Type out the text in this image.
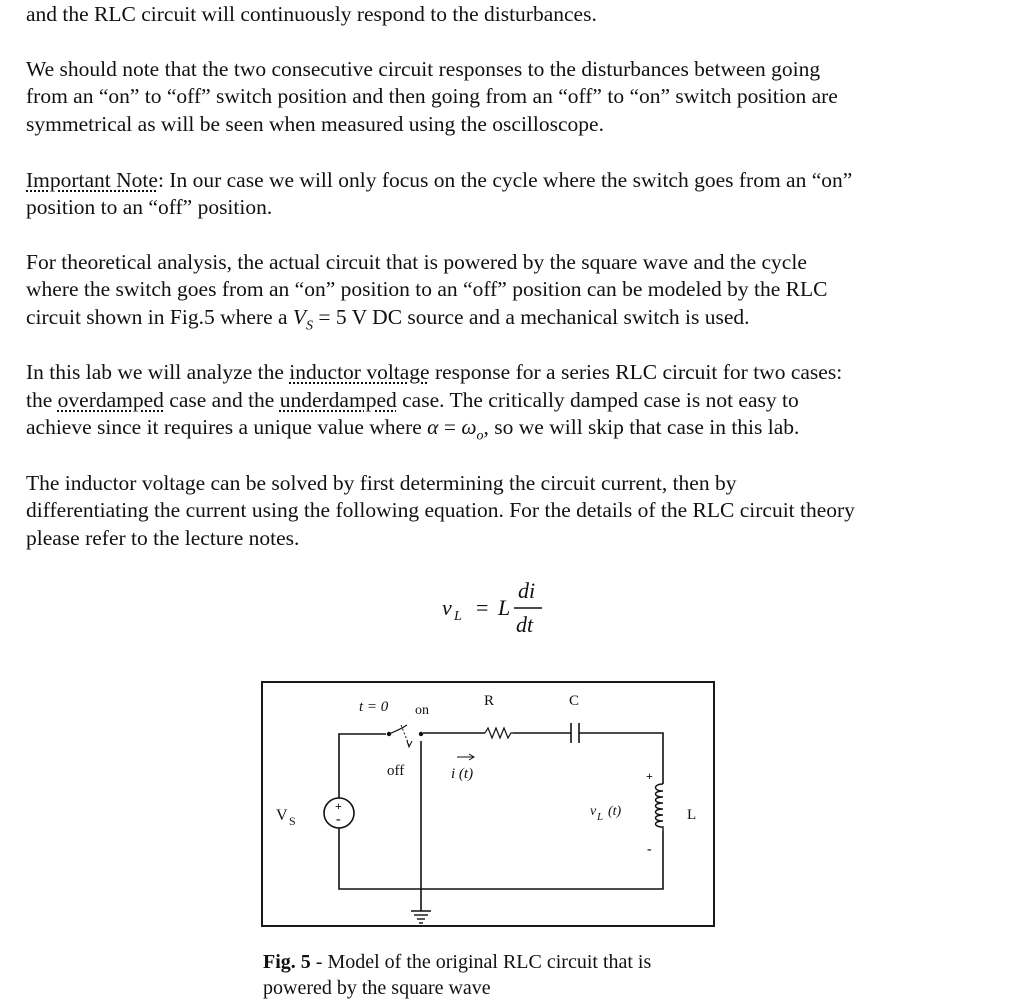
and the RLC circuit will continuously respond to the disturbances.
We should note that the two consecutive circuit responses to the disturbances between going
from an “on” to “off” switch position and then going from an “off” to “on” switch position are
symmetrical as will be seen when measured using the oscilloscope.
Important Note: In our case we will only focus on the cycle where the switch goes from an “on”
position to an “off” position.
For theoretical analysis, the actual circuit that is powered by the square wave and the cycle
where the switch goes from an “on” position to an “off” position can be modeled by the RLC
circuit shown in Fig.5 where a $V_S = 5$ V DC source and a mechanical switch is used.
In this lab we will analyze the inductor voltage response for a series RLC circuit for two cases:
the overdamped case and the underdamped case. The critically damped case is not easy to
achieve since it requires a unique value where $\alpha = \omega_o$, so we will skip that case in this lab.
The inductor voltage can be solved by first determining the circuit current, then by
differentiating the current using the following equation. For the details of the RLC circuit theory
please refer to the lecture notes.
v L = L
di
dt
t = 0 on
off
R	C
i (t)
+
-
V S	L
+
-
v L (t)
Fig. 5 - Model of the original RLC circuit that is
powered by the square wave
